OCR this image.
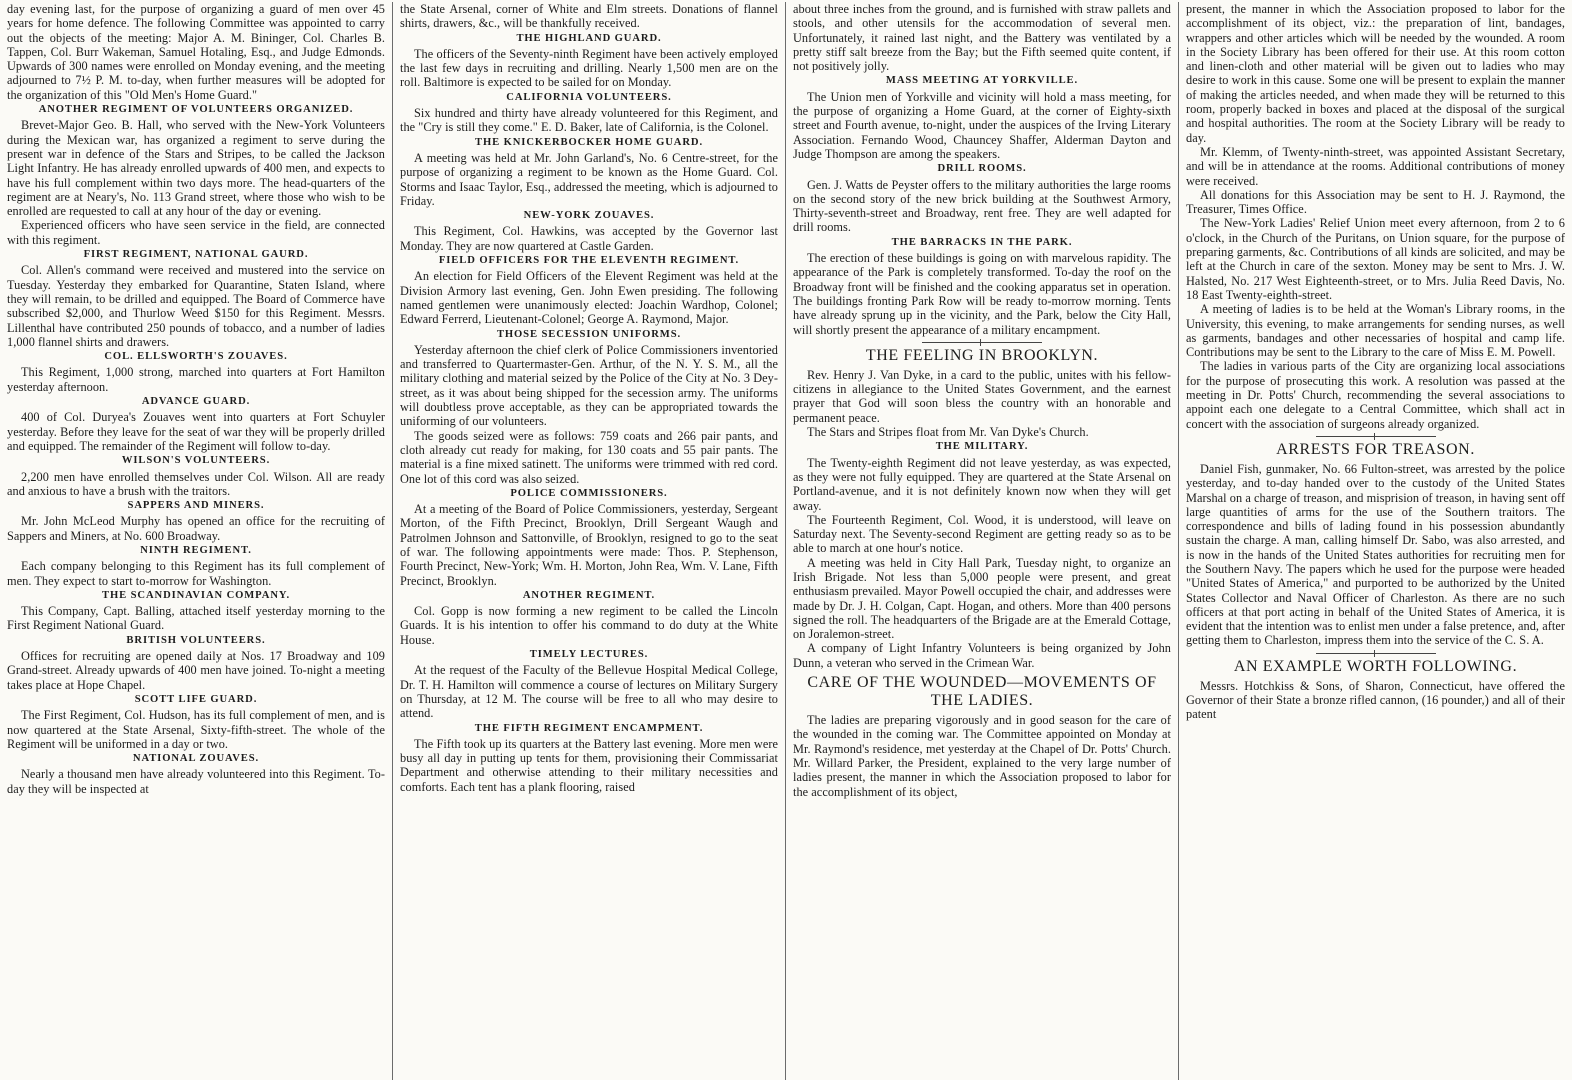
day evening last, for the purpose of organizing a guard of men over 45 years for home defence. The following Committee was appointed to carry out the objects of the meeting: Major A. M. Bininger, Col. Charles B. Tappen, Col. Burr Wakeman, Samuel Hotaling, Esq., and Judge Edmonds. Upwards of 300 names were enrolled on Monday evening, and the meeting adjourned to 7½ P. M. to-day, when further measures will be adopted for the organization of this "Old Men's Home Guard."

ANOTHER REGIMENT OF VOLUNTEERS ORGANIZED.

Brevet-Major Geo. B. Hall, who served with the New-York Volunteers during the Mexican war, has organized a regiment to serve during the present war in defence of the Stars and Stripes, to be called the Jackson Light Infantry. He has already enrolled upwards of 400 men, and expects to have his full complement within two days more. The head-quarters of the regiment are at Neary's, No. 113 Grand street, where those who wish to be enrolled are requested to call at any hour of the day or evening.

Experienced officers who have seen service in the field, are connected with this regiment.

FIRST REGIMENT, NATIONAL GAURD.

Col. Allen's command were received and mustered into the service on Tuesday. Yesterday they embarked for Quarantine, Staten Island, where they will remain, to be drilled and equipped. The Board of Commerce have subscribed $2,000, and Thurlow Weed $150 for this Regiment. Messrs. Lillenthal have contributed 250 pounds of tobacco, and a number of ladies 1,000 flannel shirts and drawers.

COL. ELLSWORTH'S ZOUAVES.

This Regiment, 1,000 strong, marched into quarters at Fort Hamilton yesterday afternoon.

ADVANCE GUARD.

400 of Col. Duryea's Zouaves went into quarters at Fort Schuyler yesterday. Before they leave for the seat of war they will be properly drilled and equipped. The remainder of the Regiment will follow to-day.

WILSON'S VOLUNTEERS.

2,200 men have enrolled themselves under Col. Wilson. All are ready and anxious to have a brush with the traitors.

SAPPERS AND MINERS.

Mr. John McLeod Murphy has opened an office for the recruiting of Sappers and Miners, at No. 600 Broadway.

NINTH REGIMENT.

Each company belonging to this Regiment has its full complement of men. They expect to start to-morrow for Washington.

THE SCANDINAVIAN COMPANY.

This Company, Capt. Balling, attached itself yesterday morning to the First Regiment National Guard.

BRITISH VOLUNTEERS.

Offices for recruiting are opened daily at Nos. 17 Broadway and 109 Grand-street. Already upwards of 400 men have joined. To-night a meeting takes place at Hope Chapel.

SCOTT LIFE GUARD.

The First Regiment, Col. Hudson, has its full complement of men, and is now quartered at the State Arsenal, Sixty-fifth-street. The whole of the Regiment will be uniformed in a day or two.

NATIONAL ZOUAVES.

Nearly a thousand men have already volunteered into this Regiment. To-day they will be inspected at

the State Arsenal, corner of White and Elm streets. Donations of flannel shirts, drawers, &c., will be thankfully received.

THE HIGHLAND GUARD.

The officers of the Seventy-ninth Regiment have been actively employed the last few days in recruiting and drilling. Nearly 1,500 men are on the roll. Baltimore is expected to be sailed for on Monday.

CALIFORNIA VOLUNTEERS.

Six hundred and thirty have already volunteered for this Regiment, and the "Cry is still they come." E. D. Baker, late of California, is the Colonel.

THE KNICKERBOCKER HOME GUARD.

A meeting was held at Mr. John Garland's, No. 6 Centre-street, for the purpose of organizing a regiment to be known as the Home Guard. Col. Storms and Isaac Taylor, Esq., addressed the meeting, which is adjourned to Friday.

NEW-YORK ZOUAVES.

This Regiment, Col. Hawkins, was accepted by the Governor last Monday. They are now quartered at Castle Garden.

FIELD OFFICERS FOR THE ELEVENTH REGIMENT.

An election for Field Officers of the Elevent Regiment was held at the Division Armory last evening, Gen. John Ewen presiding. The following named gentlemen were unanimously elected: Joachin Wardhop, Colonel; Edward Ferrerd, Lieutenant-Colonel; George A. Raymond, Major.

THOSE SECESSION UNIFORMS.

Yesterday afternoon the chief clerk of Police Commissioners inventoried and transferred to Quartermaster-Gen. Arthur, of the N. Y. S. M., all the military clothing and material seized by the Police of the City at No. 3 Dey-street, as it was about being shipped for the secession army. The uniforms will doubtless prove acceptable, as they can be appropriated towards the uniforming of our volunteers.

The goods seized were as follows: 759 coats and 266 pair pants, and cloth already cut ready for making, for 130 coats and 55 pair pants. The material is a fine mixed satinett. The uniforms were trimmed with red cord. One lot of this cord was also seized.

POLICE COMMISSIONERS.

At a meeting of the Board of Police Commissioners, yesterday, Sergeant Morton, of the Fifth Precinct, Brooklyn, Drill Sergeant Waugh and Patrolmen Johnson and Sattonville, of Brooklyn, resigned to go to the seat of war. The following appointments were made: Thos. P. Stephenson, Fourth Precinct, New-York; Wm. H. Morton, John Rea, Wm. V. Lane, Fifth Precinct, Brooklyn.

ANOTHER REGIMENT.

Col. Gopp is now forming a new regiment to be called the Lincoln Guards. It is his intention to offer his command to do duty at the White House.

TIMELY LECTURES.

At the request of the Faculty of the Bellevue Hospital Medical College, Dr. T. H. Hamilton will commence a course of lectures on Military Surgery on Thursday, at 12 M. The course will be free to all who may desire to attend.

THE FIFTH REGIMENT ENCAMPMENT.

The Fifth took up its quarters at the Battery last evening. More men were busy all day in putting up tents for them, provisioning their Commissariat Department and otherwise attending to their military necessities and comforts. Each tent has a plank flooring, raised

about three inches from the ground, and is furnished with straw pallets and stools, and other utensils for the accommodation of several men. Unfortunately, it rained last night, and the Battery was ventilated by a pretty stiff salt breeze from the Bay; but the Fifth seemed quite content, if not positively jolly.

MASS MEETING AT YORKVILLE.

The Union men of Yorkville and vicinity will hold a mass meeting, for the purpose of organizing a Home Guard, at the corner of Eighty-sixth street and Fourth avenue, to-night, under the auspices of the Irving Literary Association. Fernando Wood, Chauncey Shaffer, Alderman Dayton and Judge Thompson are among the speakers.

DRILL ROOMS.

Gen. J. Watts de Peyster offers to the military authorities the large rooms on the second story of the new brick building at the Southwest Armory, Thirty-seventh-street and Broadway, rent free. They are well adapted for drill rooms.

THE BARRACKS IN THE PARK.

The erection of these buildings is going on with marvelous rapidity. The appearance of the Park is completely transformed. To-day the roof on the Broadway front will be finished and the cooking apparatus set in operation. The buildings fronting Park Row will be ready to-morrow morning. Tents have already sprung up in the vicinity, and the Park, below the City Hall, will shortly present the appearance of a military encampment.

THE FEELING IN BROOKLYN.

Rev. Henry J. Van Dyke, in a card to the public, unites with his fellow-citizens in allegiance to the United States Government, and the earnest prayer that God will soon bless the country with an honorable and permanent peace.

The Stars and Stripes float from Mr. Van Dyke's Church.

THE MILITARY.

The Twenty-eighth Regiment did not leave yesterday, as was expected, as they were not fully equipped. They are quartered at the State Arsenal on Portland-avenue, and it is not definitely known now when they will get away.

The Fourteenth Regiment, Col. Wood, it is understood, will leave on Saturday next. The Seventy-second Regiment are getting ready so as to be able to march at one hour's notice.

A meeting was held in City Hall Park, Tuesday night, to organize an Irish Brigade. Not less than 5,000 people were present, and great enthusiasm prevailed. Mayor Powell occupied the chair, and addresses were made by Dr. J. H. Colgan, Capt. Hogan, and others. More than 400 persons signed the roll. The headquarters of the Brigade are at the Emerald Cottage, on Joralemon-street.

A company of Light Infantry Volunteers is being organized by John Dunn, a veteran who served in the Crimean War.

CARE OF THE WOUNDED—MOVEMENTS OF THE LADIES.

The ladies are preparing vigorously and in good season for the care of the wounded in the coming war. The Committee appointed on Monday at Mr. Raymond's residence, met yesterday at the Chapel of Dr. Potts' Church. Mr. Willard Parker, the President, explained to the very large number of ladies present, the manner in which the Association proposed to labor for the accomplishment of its object,

present, the manner in which the Association proposed to labor for the accomplishment of its object, viz.: the preparation of lint, bandages, wrappers and other articles which will be needed by the wounded. A room in the Society Library has been offered for their use. At this room cotton and linen-cloth and other material will be given out to ladies who may desire to work in this cause. Some one will be present to explain the manner of making the articles needed, and when made they will be returned to this room, properly backed in boxes and placed at the disposal of the surgical and hospital authorities. The room at the Society Library will be ready to day.

Mr. Klemm, of Twenty-ninth-street, was appointed Assistant Secretary, and will be in attendance at the rooms. Additional contributions of money were received.

All donations for this Association may be sent to H. J. Raymond, the Treasurer, Times Office.

The New-York Ladies' Relief Union meet every afternoon, from 2 to 6 o'clock, in the Church of the Puritans, on Union square, for the purpose of preparing garments, &c. Contributions of all kinds are solicited, and may be left at the Church in care of the sexton. Money may be sent to Mrs. J. W. Halsted, No. 217 West Eighteenth-street, or to Mrs. Julia Reed Davis, No. 18 East Twenty-eighth-street.

A meeting of ladies is to be held at the Woman's Library rooms, in the University, this evening, to make arrangements for sending nurses, as well as garments, bandages and other necessaries of hospital and camp life. Contributions may be sent to the Library to the care of Miss E. M. Powell.

The ladies in various parts of the City are organizing local associations for the purpose of prosecuting this work. A resolution was passed at the meeting in Dr. Potts' Church, recommending the several associations to appoint each one delegate to a Central Committee, which shall act in concert with the association of surgeons already organized.

ARRESTS FOR TREASON.

Daniel Fish, gunmaker, No. 66 Fulton-street, was arrested by the police yesterday, and to-day handed over to the custody of the United States Marshal on a charge of treason, and misprision of treason, in having sent off large quantities of arms for the use of the Southern traitors. The correspondence and bills of lading found in his possession abundantly sustain the charge. A man, calling himself Dr. Sabo, was also arrested, and is now in the hands of the United States authorities for recruiting men for the Southern Navy. The papers which he used for the purpose were headed "United States of America," and purported to be authorized by the United States Collector and Naval Officer of Charleston. As there are no such officers at that port acting in behalf of the United States of America, it is evident that the intention was to enlist men under a false pretence, and, after getting them to Charleston, impress them into the service of the C. S. A.

AN EXAMPLE WORTH FOLLOWING.

Messrs. Hotchkiss & Sons, of Sharon, Connecticut, have offered the Governor of their State a bronze rifled cannon, (16 pounder,) and all of their patent
